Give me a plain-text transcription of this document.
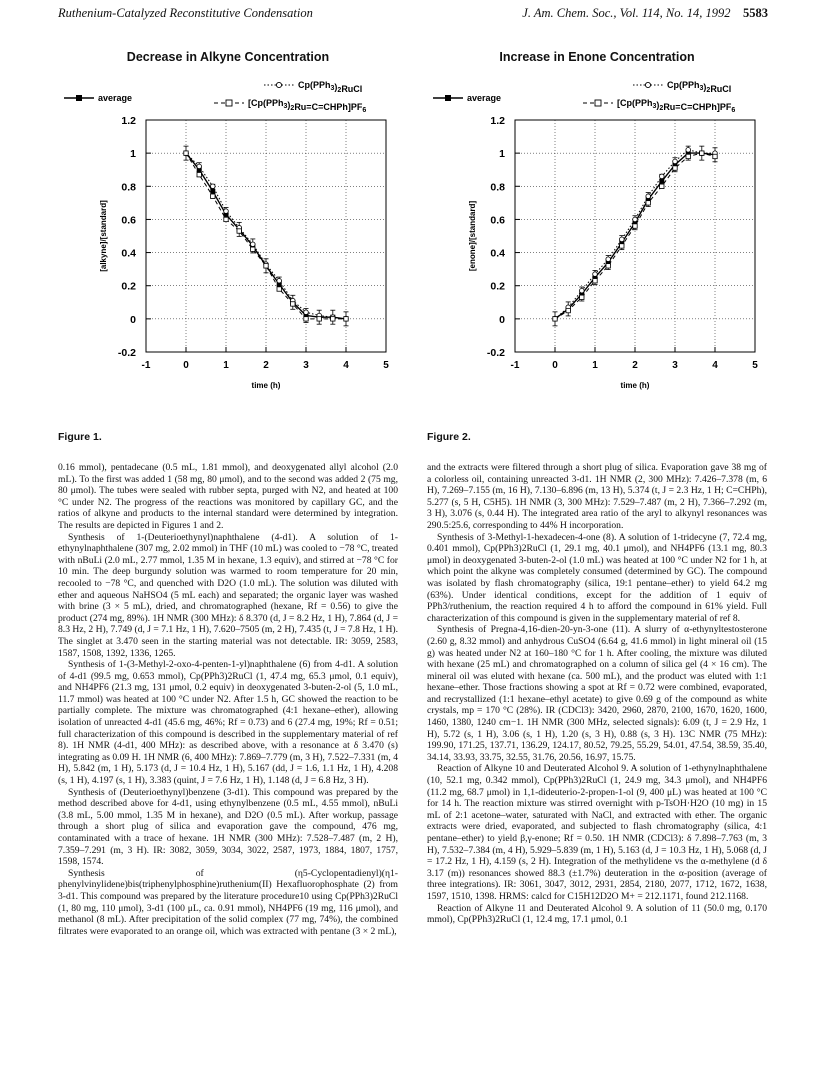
Ruthenium-Catalyzed Reconstitutive Condensation	J. Am. Chem. Soc., Vol. 114, No. 14, 1992 5583
Decrease in Alkyne Concentration
average
$Cp(PPh_3)_2RuCl$
$[Cp(PPh_3)_2Ru=C=CHPh]PF_6$
-0.2
0
0.2
0.4
0.6
0.8
1
1.2
-1	0	1	2	3	4	5
time (h)
[alkyne]/[standard]
Increase in Enone Concentration
average
$Cp(PPh_3)_2RuCl$
$[Cp(PPh_3)_2Ru=C=CHPh]PF_6$
-0.2
0
0.2
0.4
0.6
0.8
1
1.2
-1	0	1	2	3	4	5
time (h)
[enone]/[standard]
Figure 1.	Figure 2.

0.16 mmol), pentadecane (0.5 mL, 1.81 mmol), and deoxygenated allyl alcohol (2.0 mL). To the first was added 1 (58 mg, 80 μmol), and to the second was added 2 (75 mg, 80 μmol). The tubes were sealed with rubber septa, purged with N2, and heated at 100 °C under N2. The progress of the reactions was monitored by capillary GC, and the ratios of alkyne and products to the internal standard were determined by integration. The results are depicted in Figures 1 and 2.

Synthesis of 1-(Deuterioethynyl)naphthalene (4-d1). A solution of 1-ethynylnaphthalene (307 mg, 2.02 mmol) in THF (10 mL) was cooled to −78 °C, treated with nBuLi (2.0 mL, 2.77 mmol, 1.35 M in hexane, 1.3 equiv), and stirred at −78 °C for 10 min. The deep burgundy solution was warmed to room temperature for 20 min, recooled to −78 °C, and quenched with D2O (1.0 mL). The solution was diluted with ether and aqueous NaHSO4 (5 mL each) and separated; the organic layer was washed with brine (3 × 5 mL), dried, and chromatographed (hexane, Rf = 0.56) to give the product (274 mg, 89%). 1H NMR (300 MHz): δ 8.370 (d, J = 8.2 Hz, 1 H), 7.864 (d, J = 8.3 Hz, 2 H), 7.749 (d, J = 7.1 Hz, 1 H), 7.620–7505 (m, 2 H), 7.435 (t, J = 7.8 Hz, 1 H). The singlet at 3.470 seen in the starting material was not detectable. IR: 3059, 2583, 1587, 1508, 1392, 1336, 1265.

Synthesis of 1-(3-Methyl-2-oxo-4-penten-1-yl)naphthalene (6) from 4-d1. A solution of 4-d1 (99.5 mg, 0.653 mmol), Cp(PPh3)2RuCl (1, 47.4 mg, 65.3 μmol, 0.1 equiv), and NH4PF6 (21.3 mg, 131 μmol, 0.2 equiv) in deoxygenated 3-buten-2-ol (5, 1.0 mL, 11.7 mmol) was heated at 100 °C under N2. After 1.5 h, GC showed the reaction to be partially complete. The mixture was chromatographed (4:1 hexane–ether), allowing isolation of unreacted 4-d1 (45.6 mg, 46%; Rf = 0.73) and 6 (27.4 mg, 19%; Rf = 0.51; full characterization of this compound is described in the supplementary material of ref 8). 1H NMR (4-d1, 400 MHz): as described above, with a resonance at δ 3.470 (s) integrating as 0.09 H. 1H NMR (6, 400 MHz): 7.869–7.779 (m, 3 H), 7.522–7.331 (m, 4 H), 5.842 (m, 1 H), 5.173 (d, J = 10.4 Hz, 1 H), 5.167 (dd, J = 1.6, 1.1 Hz, 1 H), 4.208 (s, 1 H), 4.197 (s, 1 H), 3.383 (quint, J = 7.6 Hz, 1 H), 1.148 (d, J = 6.8 Hz, 3 H).

Synthesis of (Deuterioethynyl)benzene (3-d1). This compound was prepared by the method described above for 4-d1, using ethynylbenzene (0.5 mL, 4.55 mmol), nBuLi (3.8 mL, 5.00 mmol, 1.35 M in hexane), and D2O (0.5 mL). After workup, passage through a short plug of silica and evaporation gave the compound, 476 mg, contaminated with a trace of hexane. 1H NMR (300 MHz): 7.528–7.487 (m, 2 H), 7.359–7.291 (m, 3 H). IR: 3082, 3059, 3034, 3022, 2587, 1973, 1884, 1807, 1757, 1598, 1574.

Synthesis of (η5-Cyclopentadienyl)(η1-phenylvinylidene)bis(triphenylphosphine)ruthenium(II) Hexafluorophosphate (2) from 3-d1. This compound was prepared by the literature procedure10 using Cp(PPh3)2RuCl (1, 80 mg, 110 μmol), 3-d1 (100 μL, ca. 0.91 mmol), NH4PF6 (19 mg, 116 μmol), and methanol (8 mL). After precipitation of the solid complex (77 mg, 74%), the combined filtrates were evaporated to an orange oil, which was extracted with pentane (3 × 2 mL),

and the extracts were filtered through a short plug of silica. Evaporation gave 38 mg of a colorless oil, containing unreacted 3-d1. 1H NMR (2, 300 MHz): 7.426–7.378 (m, 6 H), 7.269–7.155 (m, 16 H), 7.130–6.896 (m, 13 H), 5.374 (t, J = 2.3 Hz, 1 H; C=CHPh), 5.277 (s, 5 H, C5H5). 1H NMR (3, 300 MHz): 7.529–7.487 (m, 2 H), 7.366–7.292 (m, 3 H), 3.076 (s, 0.44 H). The integrated area ratio of the aryl to alkynyl resonances was 290.5:25.6, corresponding to 44% H incorporation.

Synthesis of 3-Methyl-1-hexadecen-4-one (8). A solution of 1-tridecyne (7, 72.4 mg, 0.401 mmol), Cp(PPh3)2RuCl (1, 29.1 mg, 40.1 μmol), and NH4PF6 (13.1 mg, 80.3 μmol) in deoxygenated 3-buten-2-ol (1.0 mL) was heated at 100 °C under N2 for 1 h, at which point the alkyne was completely consumed (determined by GC). The compound was isolated by flash chromatography (silica, 19:1 pentane–ether) to yield 64.2 mg (63%). Under identical conditions, except for the addition of 1 equiv of PPh3/ruthenium, the reaction required 4 h to afford the compound in 61% yield. Full characterization of this compound is given in the supplementary material of ref 8.

Synthesis of Pregna-4,16-dien-20-yn-3-one (11). A slurry of α-ethynyltestosterone (2.60 g, 8.32 mmol) and anhydrous CuSO4 (6.64 g, 41.6 mmol) in light mineral oil (15 g) was heated under N2 at 160–180 °C for 1 h. After cooling, the mixture was diluted with hexane (25 mL) and chromatographed on a column of silica gel (4 × 16 cm). The mineral oil was eluted with hexane (ca. 500 mL), and the product was eluted with 1:1 hexane–ether. Those fractions showing a spot at Rf = 0.72 were combined, evaporated, and recrystallized (1:1 hexane–ethyl acetate) to give 0.69 g of the compound as white crystals, mp = 170 °C (28%). IR (CDCl3): 3420, 2960, 2870, 2100, 1670, 1620, 1600, 1460, 1380, 1240 cm−1. 1H NMR (300 MHz, selected signals): 6.09 (t, J = 2.9 Hz, 1 H), 5.72 (s, 1 H), 3.06 (s, 1 H), 1.20 (s, 3 H), 0.88 (s, 3 H). 13C NMR (75 MHz): 199.90, 171.25, 137.71, 136.29, 124.17, 80.52, 79.25, 55.29, 54.01, 47.54, 38.59, 35.40, 34.14, 33.93, 33.75, 32.55, 31.76, 20.56, 16.97, 15.75.

Reaction of Alkyne 10 and Deuterated Alcohol 9. A solution of 1-ethynylnaphthalene (10, 52.1 mg, 0.342 mmol), Cp(PPh3)2RuCl (1, 24.9 mg, 34.3 μmol), and NH4PF6 (11.2 mg, 68.7 μmol) in 1,1-dideuterio-2-propen-1-ol (9, 400 μL) was heated at 100 °C for 14 h. The reaction mixture was stirred overnight with p-TsOH·H2O (10 mg) in 15 mL of 2:1 acetone–water, saturated with NaCl, and extracted with ether. The organic extracts were dried, evaporated, and subjected to flash chromatography (silica, 4:1 pentane–ether) to yield β,γ-enone; Rf = 0.50. 1H NMR (CDCl3): δ 7.898–7.763 (m, 3 H), 7.532–7.384 (m, 4 H), 5.929–5.839 (m, 1 H), 5.163 (d, J = 10.3 Hz, 1 H), 5.068 (d, J = 17.2 Hz, 1 H), 4.159 (s, 2 H). Integration of the methylidene vs the α-methylene (d δ 3.17 (m)) resonances showed 88.3 (±1.7%) deuteration in the α-position (average of three integrations). IR: 3061, 3047, 3012, 2931, 2854, 2180, 2077, 1712, 1672, 1638, 1597, 1510, 1398. HRMS: calcd for C15H12D2O M+ = 212.1171, found 212.1168.

Reaction of Alkyne 11 and Deuterated Alcohol 9. A solution of 11 (50.0 mg, 0.170 mmol), Cp(PPh3)2RuCl (1, 12.4 mg, 17.1 μmol, 0.1
